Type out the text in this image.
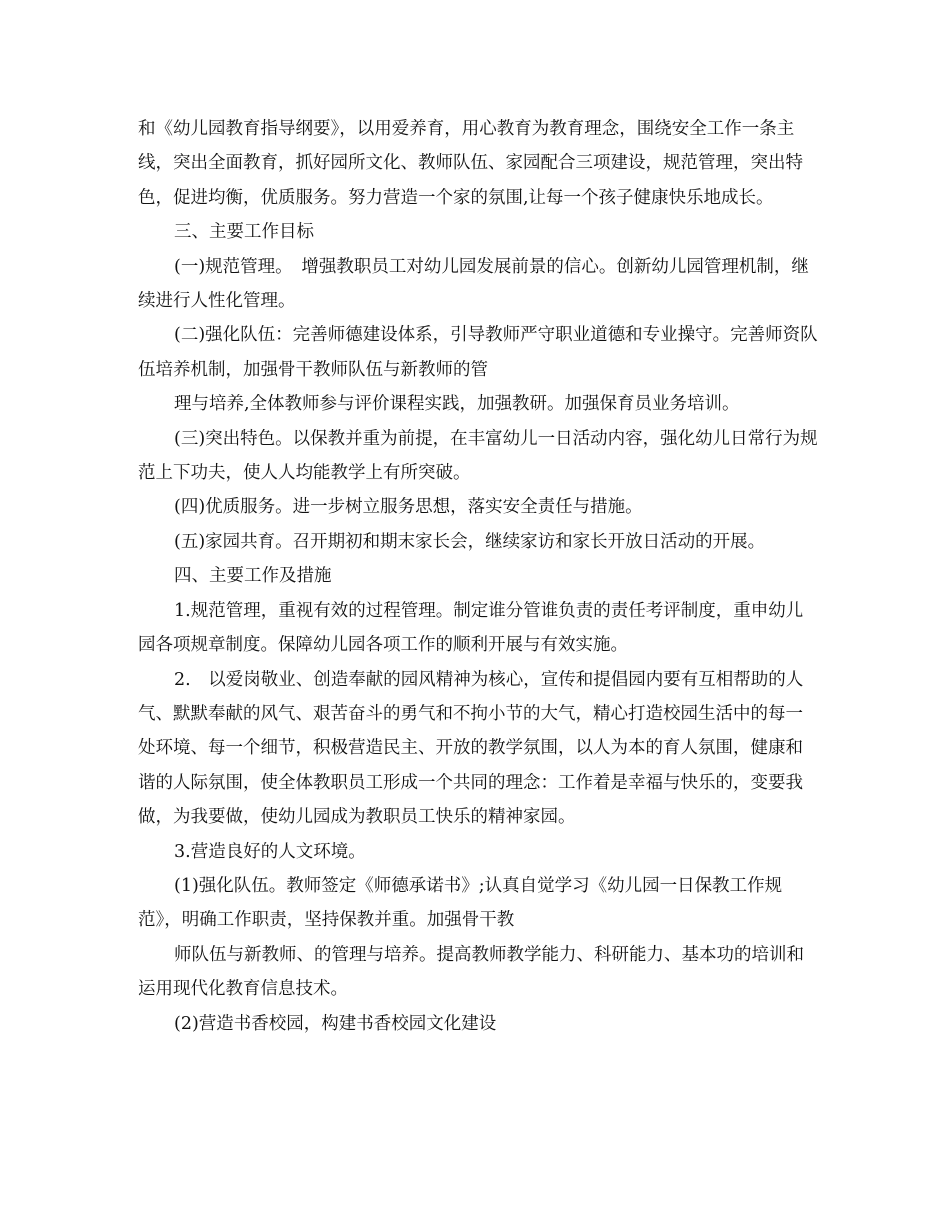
和《幼儿园教育指导纲要》，以用爱养育，用心教育为教育理念，围绕安全工作一条主线，突出全面教育，抓好园所文化、教师队伍、家园配合三项建设，规范管理，突出特色，促进均衡，优质服务。努力营造一个家的氛围,让每一个孩子健康快乐地成长。

三、主要工作目标

(一)规范管理。　增强教职员工对幼儿园发展前景的信心。创新幼儿园管理机制，继续进行人性化管理。

(二)强化队伍：完善师德建设体系，引导教师严守职业道德和专业操守。完善师资队伍培养机制，加强骨干教师队伍与新教师的管

理与培养,全体教师参与评价课程实践，加强教研。加强保育员业务培训。

(三)突出特色。以保教并重为前提，在丰富幼儿一日活动内容，强化幼儿日常行为规范上下功夫，使人人均能教学上有所突破。

(四)优质服务。进一步树立服务思想，落实安全责任与措施。

(五)家园共育。召开期初和期末家长会，继续家访和家长开放日活动的开展。

四、主要工作及措施

1.规范管理，重视有效的过程管理。制定谁分管谁负责的责任考评制度，重申幼儿园各项规章制度。保障幼儿园各项工作的顺利开展与有效实施。

2.　以爱岗敬业、创造奉献的园风精神为核心，宣传和提倡园内要有互相帮助的人气、默默奉献的风气、艰苦奋斗的勇气和不拘小节的大气，精心打造校园生活中的每一处环境、每一个细节，积极营造民主、开放的教学氛围，以人为本的育人氛围，健康和谐的人际氛围，使全体教职员工形成一个共同的理念：工作着是幸福与快乐的，变要我做，为我要做，使幼儿园成为教职员工快乐的精神家园。

3.营造良好的人文环境。

(1)强化队伍。教师签定《师德承诺书》;认真自觉学习《幼儿园一日保教工作规范》，明确工作职责，坚持保教并重。加强骨干教

师队伍与新教师、的管理与培养。提高教师教学能力、科研能力、基本功的培训和运用现代化教育信息技术。

(2)营造书香校园，构建书香校园文化建设
